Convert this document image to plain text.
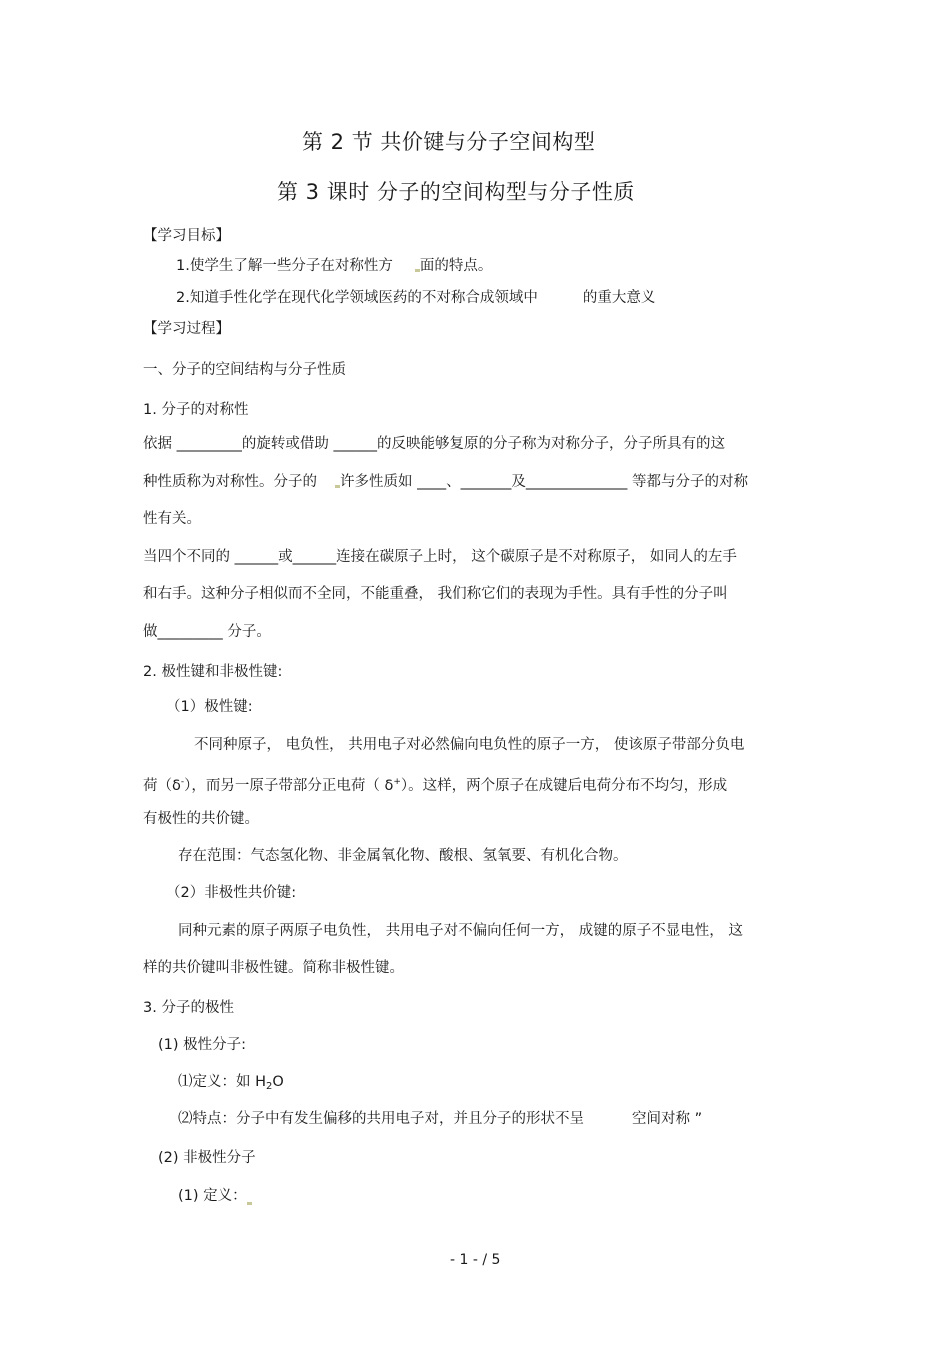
第 2 节 共价键与分子空间构型
第 3 课时 分子的空间构型与分子性质
【学习目标】
1.使学生了解一些分子在对称性方 面的特点。
2.知道手性化学在现代化学领域医药的不对称合成领域中	的重大意义
【学习过程】
一、分子的空间结构与分子性质
1. 分子的对称性
依据 _________的旋转或借助 ______的反映能够复原的分子称为对称分子，分子所具有的这
种性质称为对称性。分子的 许多性质如 ____、_______及______________ 等都与分子的对称
性有关。
当四个不同的 ______或______连接在碳原子上时， 这个碳原子是不对称原子， 如同人的左手
和右手。这种分子相似而不全同，不能重叠， 我们称它们的表现为手性。具有手性的分子叫
做_________ 分子。
2. 极性键和非极性键:
（1）极性键:
不同种原子， 电负性， 共用电子对必然偏向电负性的原子一方， 使该原子带部分负电
荷（δ-），而另一原子带部分正电荷（ δ+）。这样，两个原子在成键后电荷分布不均匀，形成
有极性的共价键。
存在范围：气态氢化物、非金属氧化物、酸根、氢氧要、有机化合物。
（2）非极性共价键:
同种元素的原子两原子电负性， 共用电子对不偏向任何一方， 成键的原子不显电性， 这
样的共价键叫非极性键。简称非极性键。
3. 分子的极性
(1) 极性分子:
⑴定义：如 $H_2O$
⑵特点：分子中有发生偏移的共用电子对，并且分子的形状不呈	空间对称 ”
(2) 非极性分子
(1) 定义：
- 1 - / 5
